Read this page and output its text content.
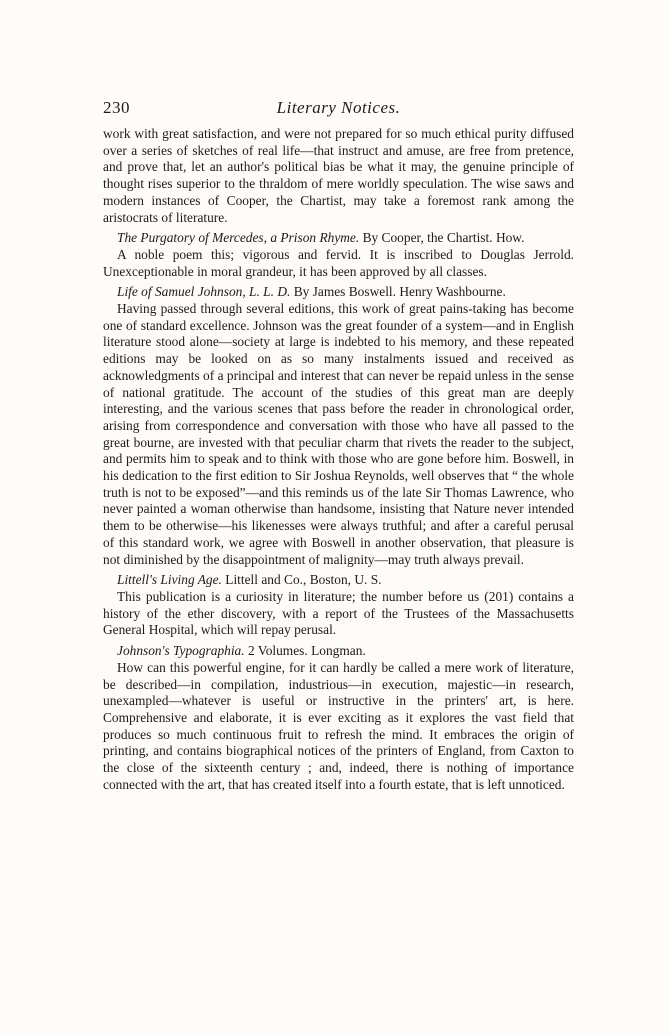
230	Literary Notices.

work with great satisfaction, and were not prepared for so much ethical purity diffused over a series of sketches of real life—that instruct and amuse, are free from pretence, and prove that, let an author's political bias be what it may, the genuine principle of thought rises superior to the thraldom of mere worldly speculation. The wise saws and modern instances of Cooper, the Chartist, may take a foremost rank among the aristocrats of literature.

The Purgatory of Mercedes, a Prison Rhyme. By Cooper, the Chartist. How.

A noble poem this; vigorous and fervid. It is inscribed to Douglas Jerrold. Unexceptionable in moral grandeur, it has been approved by all classes.

Life of Samuel Johnson, L. L. D. By James Boswell. Henry Washbourne.

Having passed through several editions, this work of great pains-taking has become one of standard excellence. Johnson was the great founder of a system—and in English literature stood alone—society at large is indebted to his memory, and these repeated editions may be looked on as so many instalments issued and received as acknowledgments of a principal and interest that can never be repaid unless in the sense of national gratitude. The account of the studies of this great man are deeply interesting, and the various scenes that pass before the reader in chronological order, arising from correspondence and conversation with those who have all passed to the great bourne, are invested with that peculiar charm that rivets the reader to the subject, and permits him to speak and to think with those who are gone before him. Boswell, in his dedication to the first edition to Sir Joshua Reynolds, well observes that “ the whole truth is not to be exposed”—and this reminds us of the late Sir Thomas Lawrence, who never painted a woman otherwise than handsome, insisting that Nature never intended them to be otherwise—his likenesses were always truthful; and after a careful perusal of this standard work, we agree with Boswell in another observation, that pleasure is not diminished by the disappointment of malignity—may truth always prevail.

Littell's Living Age. Littell and Co., Boston, U. S.

This publication is a curiosity in literature; the number before us (201) contains a history of the ether discovery, with a report of the Trustees of the Massachusetts General Hospital, which will repay perusal.

Johnson's Typographia. 2 Volumes. Longman.

How can this powerful engine, for it can hardly be called a mere work of literature, be described—in compilation, industrious—in execution, majestic—in research, unexampled—whatever is useful or instructive in the printers' art, is here. Comprehensive and elaborate, it is ever exciting as it explores the vast field that produces so much continuous fruit to refresh the mind. It embraces the origin of printing, and contains biographical notices of the printers of England, from Caxton to the close of the sixteenth century ; and, indeed, there is nothing of importance connected with the art, that has created itself into a fourth estate, that is left unnoticed.
